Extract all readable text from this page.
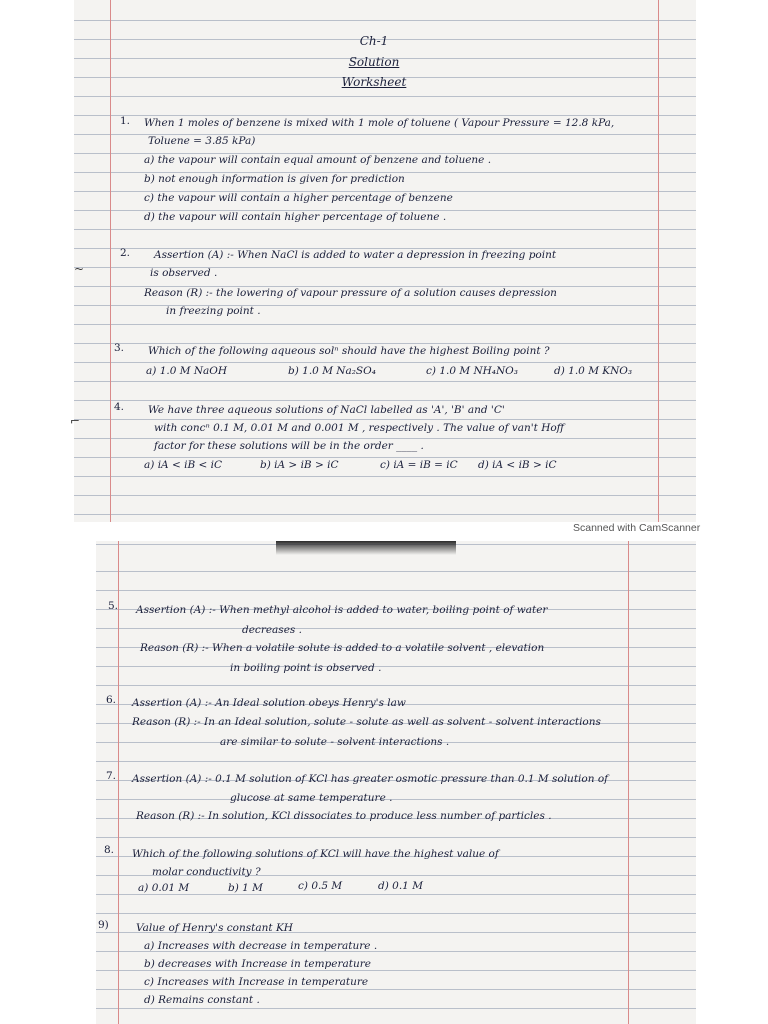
Ch-1
Solution
Worksheet
1. When 1 moles of benzene is mixed with 1 mole of toluene ( Vapour Pressure = 12.8 kPa,
Toluene = 3.85 kPa)
a) the vapour will contain equal amount of benzene and toluene .
b) not enough information is given for prediction
c) the vapour will contain a higher percentage of benzene
d) the vapour will contain higher percentage of toluene .
2. Assertion (A) :- When NaCl is added to water a depression in freezing point
is observed .
Reason (R) :- the lowering of vapour pressure of a solution causes depression
in freezing point .
3. Which of the following aqueous solⁿ should have the highest Boiling point ?
a) 1.0 M NaOH	b) 1.0 M Na₂SO₄	c) 1.0 M NH₄NO₃	d) 1.0 M KNO₃
4. We have three aqueous solutions of NaCl labelled as 'A', 'B' and 'C'
with concⁿ 0.1 M, 0.01 M and 0.001 M , respectively . The value of van't Hoff
factor for these solutions will be in the order ____ .
a) iA < iB < iC	b) iA > iB > iC	c) iA = iB = iC d) iA < iB > iC
~
⌐
Scanned with CamScanner
5. Assertion (A) :- When methyl alcohol is added to water, boiling point of water
decreases .
Reason (R) :- When a volatile solute is added to a volatile solvent , elevation
in boiling point is observed .
6. Assertion (A) :- An Ideal solution obeys Henry's law
Reason (R) :- In an Ideal solution, solute - solute as well as solvent - solvent interactions
are similar to solute - solvent interactions .
7. Assertion (A) :- 0.1 M solution of KCl has greater osmotic pressure than 0.1 M solution of
glucose at same temperature .
Reason (R) :- In solution, KCl dissociates to produce less number of particles .
8. Which of the following solutions of KCl will have the highest value of
molar conductivity ?
a) 0.01 M	b) 1 M	c) 0.5 M	d) 0.1 M
9)	Value of Henry's constant KH
a) Increases with decrease in temperature .
b) decreases with Increase in temperature
c) Increases with Increase in temperature
d) Remains constant .
